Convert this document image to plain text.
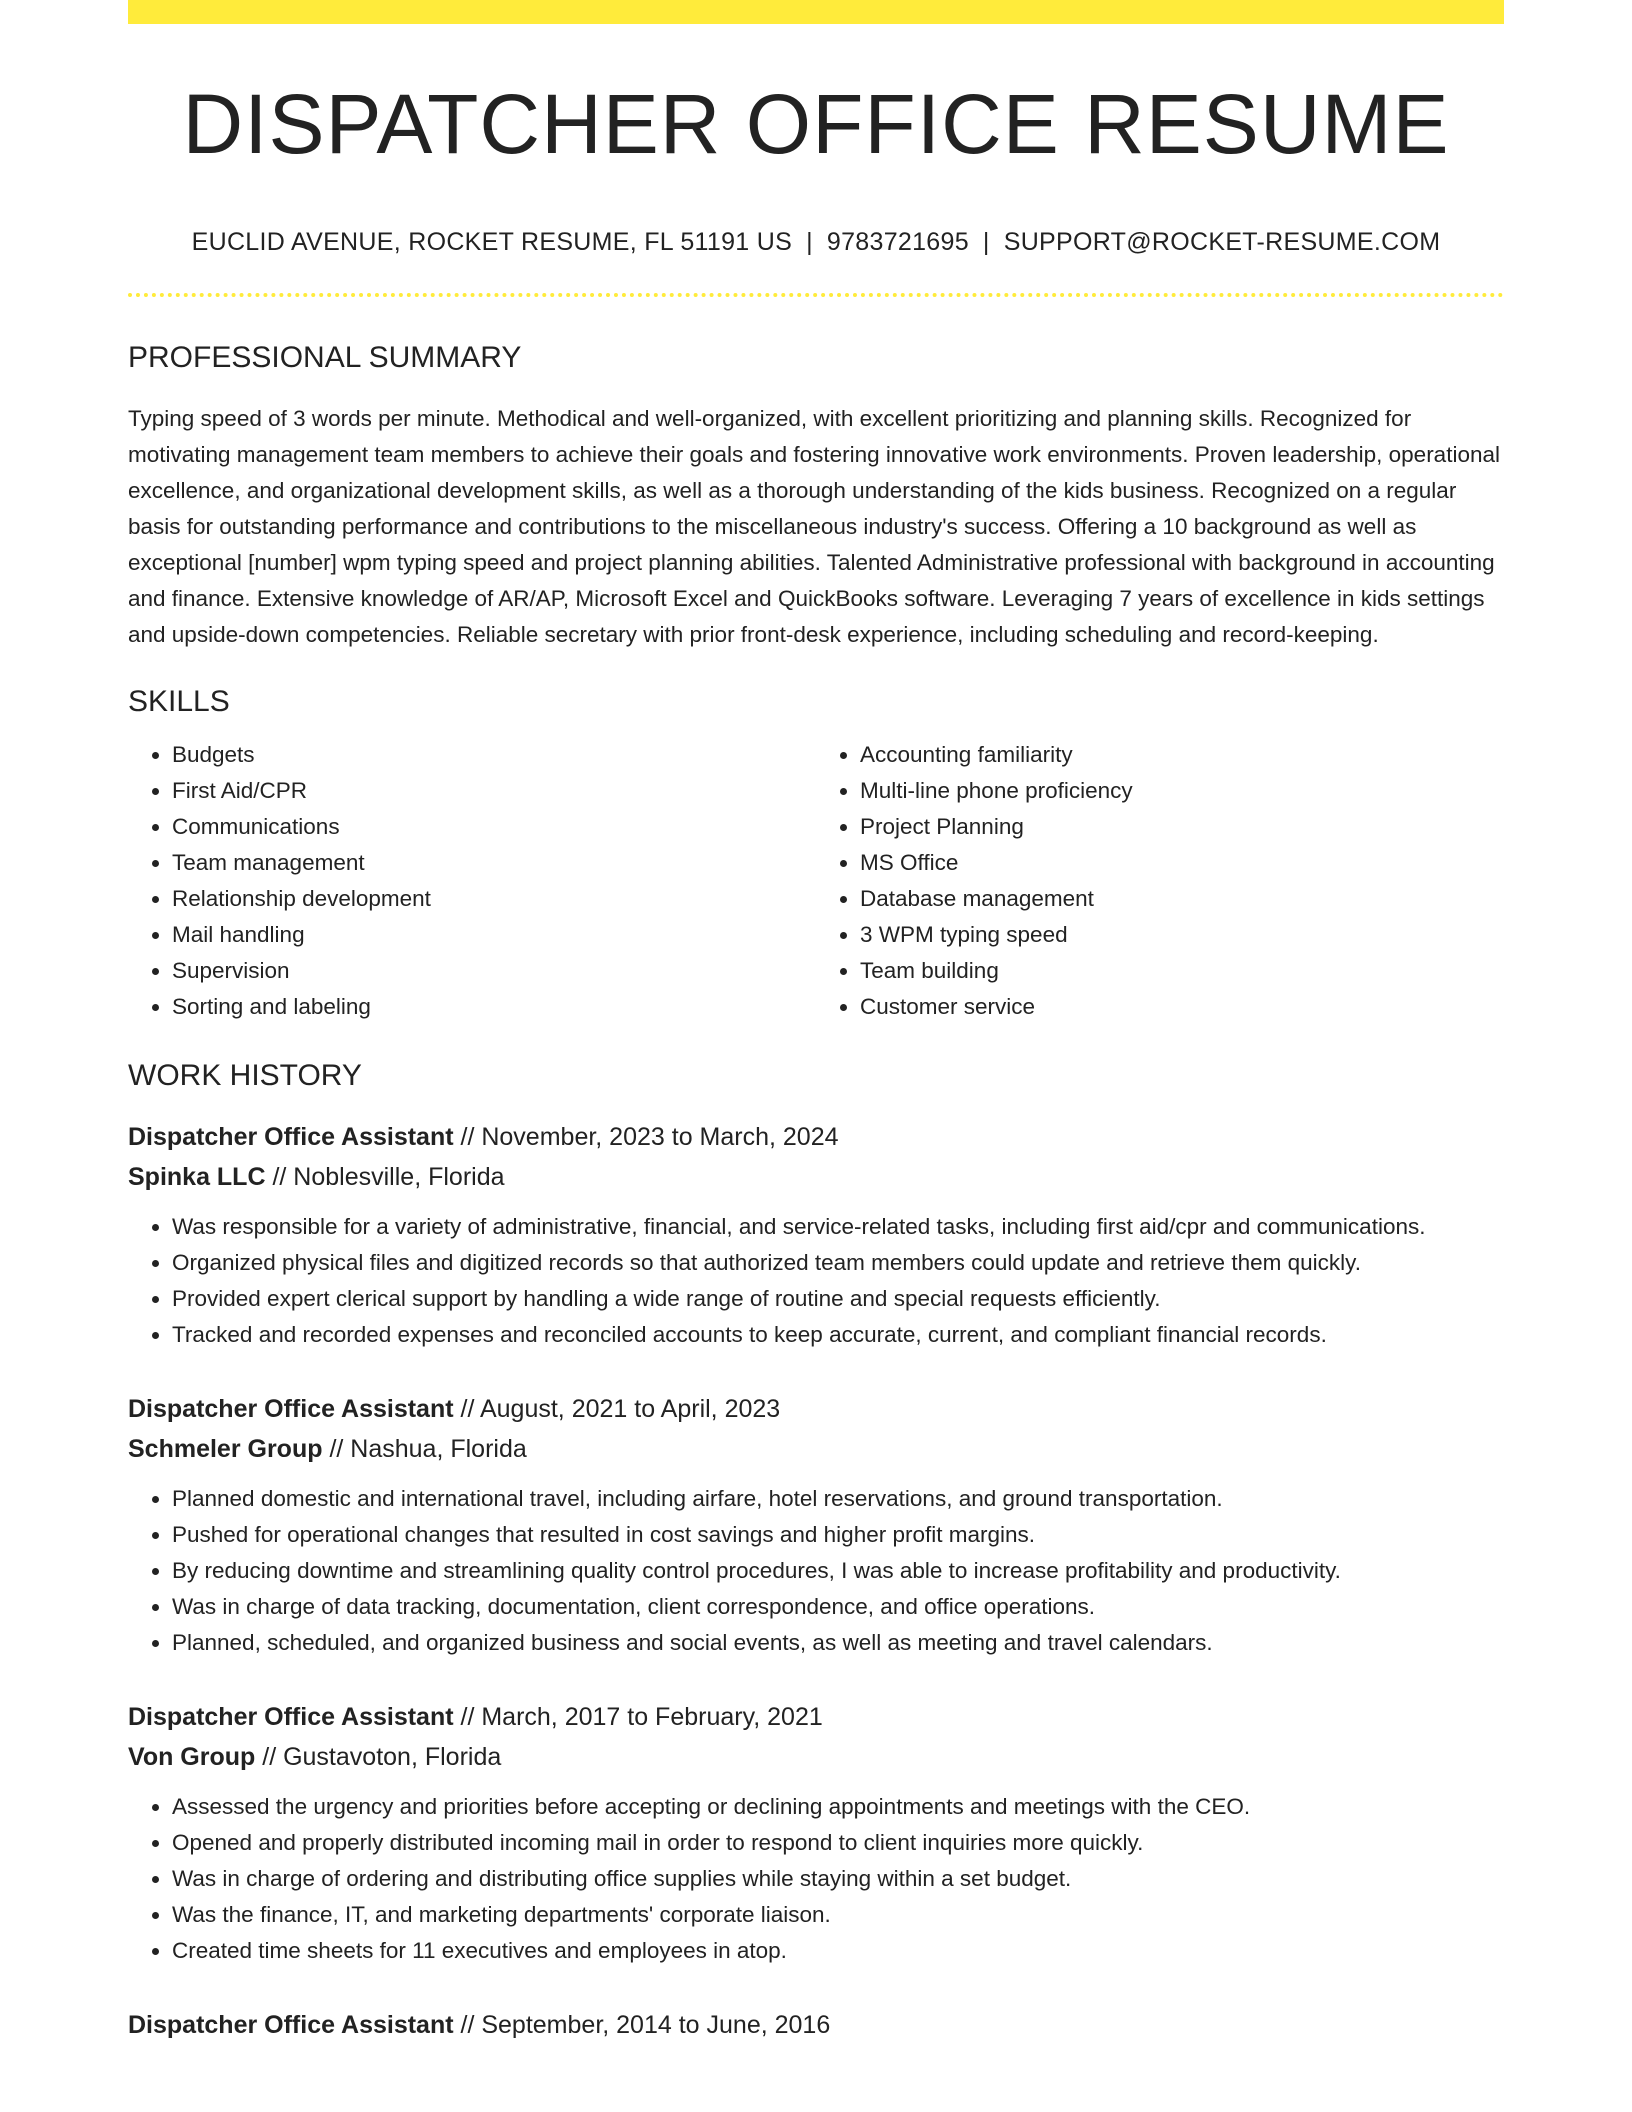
DISPATCHER OFFICE RESUME
EUCLID AVENUE, ROCKET RESUME, FL 51191 US | 9783721695 | SUPPORT@ROCKET-RESUME.COM
PROFESSIONAL SUMMARY
Typing speed of 3 words per minute. Methodical and well-organized, with excellent prioritizing and planning skills. Recognized for motivating management team members to achieve their goals and fostering innovative work environments. Proven leadership, operational excellence, and organizational development skills, as well as a thorough understanding of the kids business. Recognized on a regular basis for outstanding performance and contributions to the miscellaneous industry's success. Offering a 10 background as well as exceptional [number] wpm typing speed and project planning abilities. Talented Administrative professional with background in accounting and finance. Extensive knowledge of AR/AP, Microsoft Excel and QuickBooks software. Leveraging 7 years of excellence in kids settings and upside-down competencies. Reliable secretary with prior front-desk experience, including scheduling and record-keeping.
SKILLS
• Budgets
• First Aid/CPR
• Communications
• Team management
• Relationship development
• Mail handling
• Supervision
• Sorting and labeling
• Accounting familiarity
• Multi-line phone proficiency
• Project Planning
• MS Office
• Database management
• 3 WPM typing speed
• Team building
• Customer service
WORK HISTORY
Dispatcher Office Assistant // November, 2023 to March, 2024
Spinka LLC // Noblesville, Florida
• Was responsible for a variety of administrative, financial, and service-related tasks, including first aid/cpr and communications.
• Organized physical files and digitized records so that authorized team members could update and retrieve them quickly.
• Provided expert clerical support by handling a wide range of routine and special requests efficiently.
• Tracked and recorded expenses and reconciled accounts to keep accurate, current, and compliant financial records.
Dispatcher Office Assistant // August, 2021 to April, 2023
Schmeler Group // Nashua, Florida
• Planned domestic and international travel, including airfare, hotel reservations, and ground transportation.
• Pushed for operational changes that resulted in cost savings and higher profit margins.
• By reducing downtime and streamlining quality control procedures, I was able to increase profitability and productivity.
• Was in charge of data tracking, documentation, client correspondence, and office operations.
• Planned, scheduled, and organized business and social events, as well as meeting and travel calendars.
Dispatcher Office Assistant // March, 2017 to February, 2021
Von Group // Gustavoton, Florida
• Assessed the urgency and priorities before accepting or declining appointments and meetings with the CEO.
• Opened and properly distributed incoming mail in order to respond to client inquiries more quickly.
• Was in charge of ordering and distributing office supplies while staying within a set budget.
• Was the finance, IT, and marketing departments' corporate liaison.
• Created time sheets for 11 executives and employees in atop.
Dispatcher Office Assistant // September, 2014 to June, 2016
